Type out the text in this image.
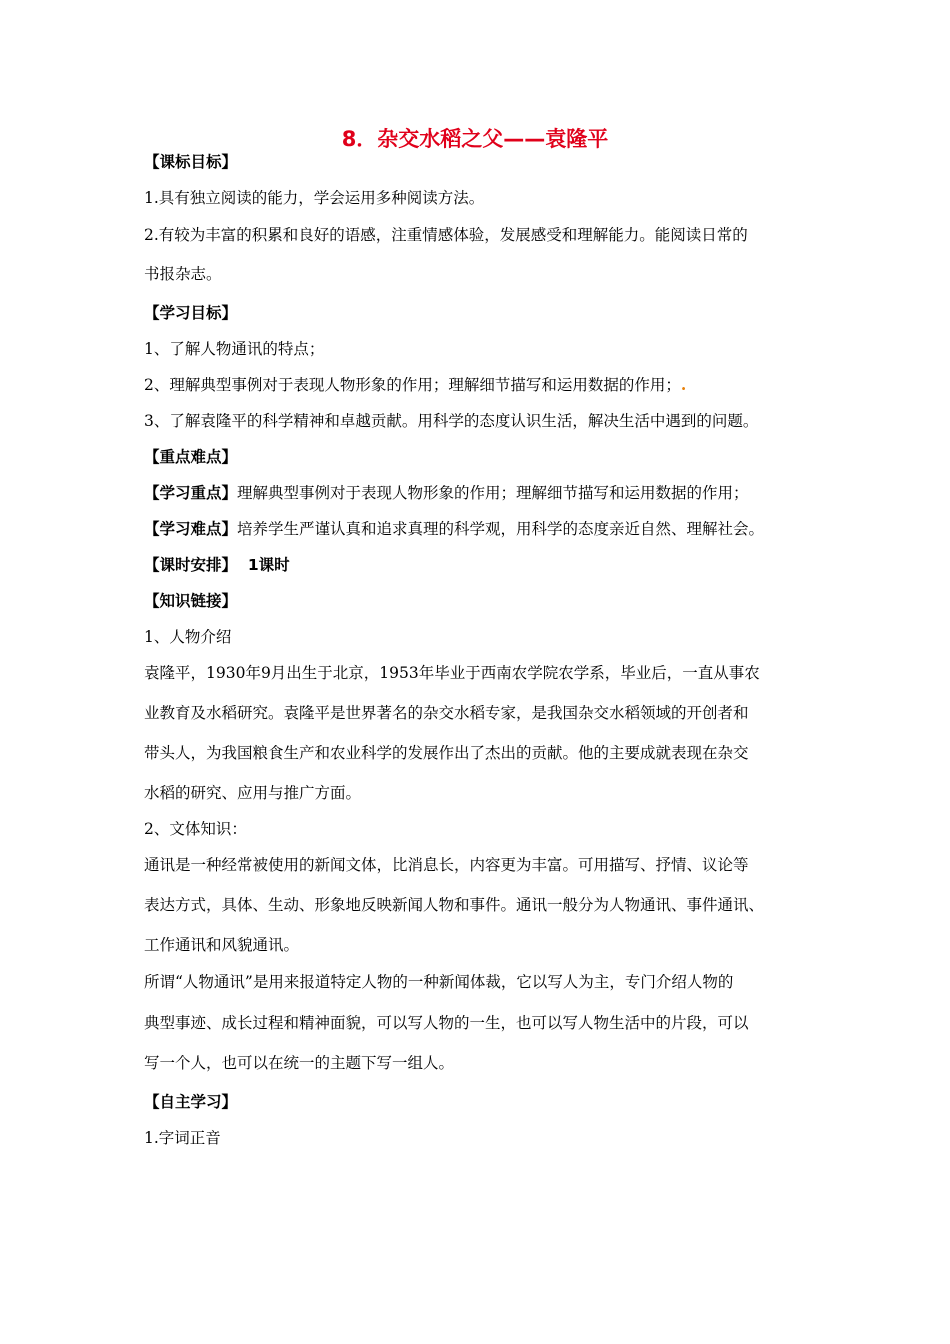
8．杂交水稻之父——袁隆平
【课标目标】
1.具有独立阅读的能力，学会运用多种阅读方法。
2.有较为丰富的积累和良好的语感，注重情感体验，发展感受和理解能力。能阅读日常的
书报杂志。
【学习目标】
1、了解人物通讯的特点；
2、理解典型事例对于表现人物形象的作用；理解细节描写和运用数据的作用；.
3、了解袁隆平的科学精神和卓越贡献。用科学的态度认识生活，解决生活中遇到的问题。
【重点难点】
【学习重点】理解典型事例对于表现人物形象的作用；理解细节描写和运用数据的作用；
【学习难点】培养学生严谨认真和追求真理的科学观，用科学的态度亲近自然、理解社会。
【课时安排】 1课时
【知识链接】
1、人物介绍
袁隆平，1930年9月出生于北京，1953年毕业于西南农学院农学系，毕业后，一直从事农
业教育及水稻研究。袁隆平是世界著名的杂交水稻专家，是我国杂交水稻领域的开创者和
带头人，为我国粮食生产和农业科学的发展作出了杰出的贡献。他的主要成就表现在杂交
水稻的研究、应用与推广方面。
2、文体知识：
通讯是一种经常被使用的新闻文体，比消息长，内容更为丰富。可用描写、抒情、议论等
表达方式，具体、生动、形象地反映新闻人物和事件。通讯一般分为人物通讯、事件通讯、
工作通讯和风貌通讯。
所谓“人物通讯”是用来报道特定人物的一种新闻体裁，它以写人为主，专门介绍人物的
典型事迹、成长过程和精神面貌，可以写人物的一生，也可以写人物生活中的片段，可以
写一个人，也可以在统一的主题下写一组人。
【自主学习】
1.字词正音
